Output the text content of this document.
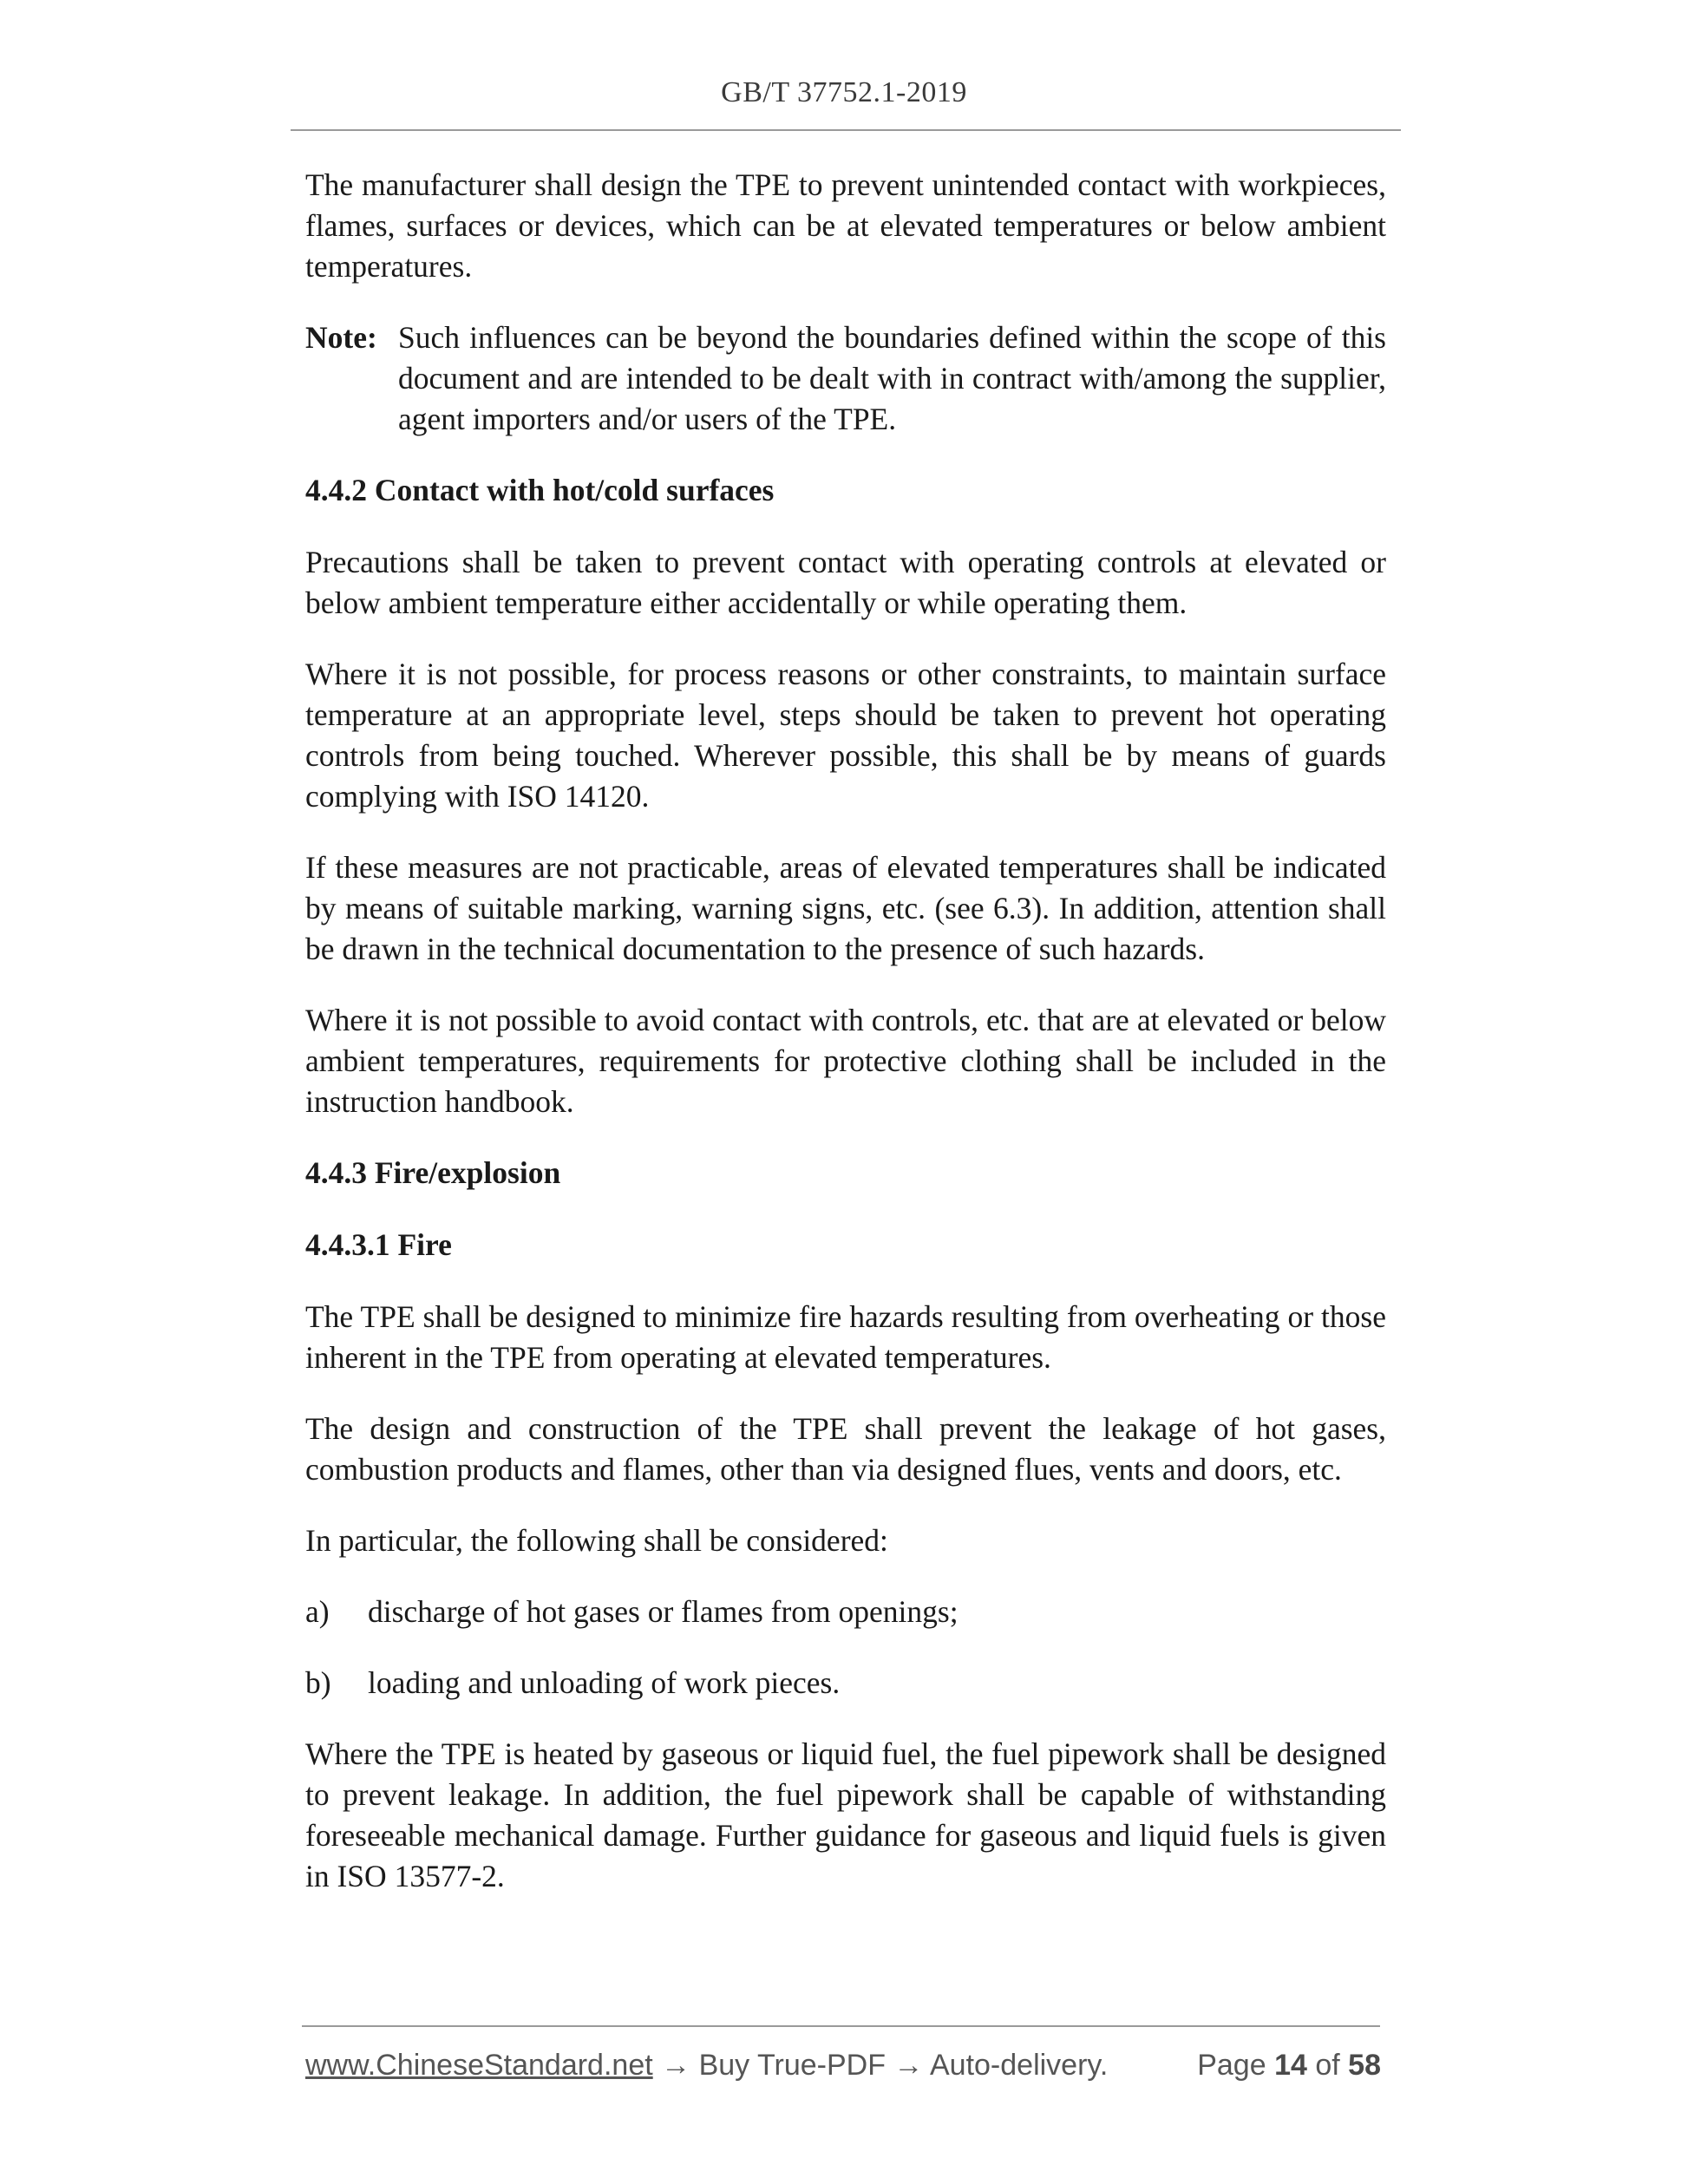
GB/T 37752.1-2019

The manufacturer shall design the TPE to prevent unintended contact with workpieces, flames, surfaces or devices, which can be at elevated temperatures or below ambient temperatures.

Note: Such influences can be beyond the boundaries defined within the scope of this document and are intended to be dealt with in contract with/among the supplier, agent importers and/or users of the TPE.
4.4.2 Contact with hot/cold surfaces

Precautions shall be taken to prevent contact with operating controls at elevated or below ambient temperature either accidentally or while operating them.

Where it is not possible, for process reasons or other constraints, to maintain surface temperature at an appropriate level, steps should be taken to prevent hot operating controls from being touched. Wherever possible, this shall be by means of guards complying with ISO 14120.

If these measures are not practicable, areas of elevated temperatures shall be indicated by means of suitable marking, warning signs, etc. (see 6.3). In addition, attention shall be drawn in the technical documentation to the presence of such hazards.

Where it is not possible to avoid contact with controls, etc. that are at elevated or below ambient temperatures, requirements for protective clothing shall be included in the instruction handbook.

4.4.3 Fire/explosion
4.4.3.1 Fire

The TPE shall be designed to minimize fire hazards resulting from overheating or those inherent in the TPE from operating at elevated temperatures.

The design and construction of the TPE shall prevent the leakage of hot gases, combustion products and flames, other than via designed flues, vents and doors, etc.

In particular, the following shall be considered:

a)	discharge of hot gases or flames from openings;
b)	loading and unloading of work pieces.

Where the TPE is heated by gaseous or liquid fuel, the fuel pipework shall be designed to prevent leakage. In addition, the fuel pipework shall be capable of withstanding foreseeable mechanical damage. Further guidance for gaseous and liquid fuels is given in ISO 13577-2.

www.ChineseStandard.net → Buy True-PDF → Auto-delivery.	Page 14 of 58
